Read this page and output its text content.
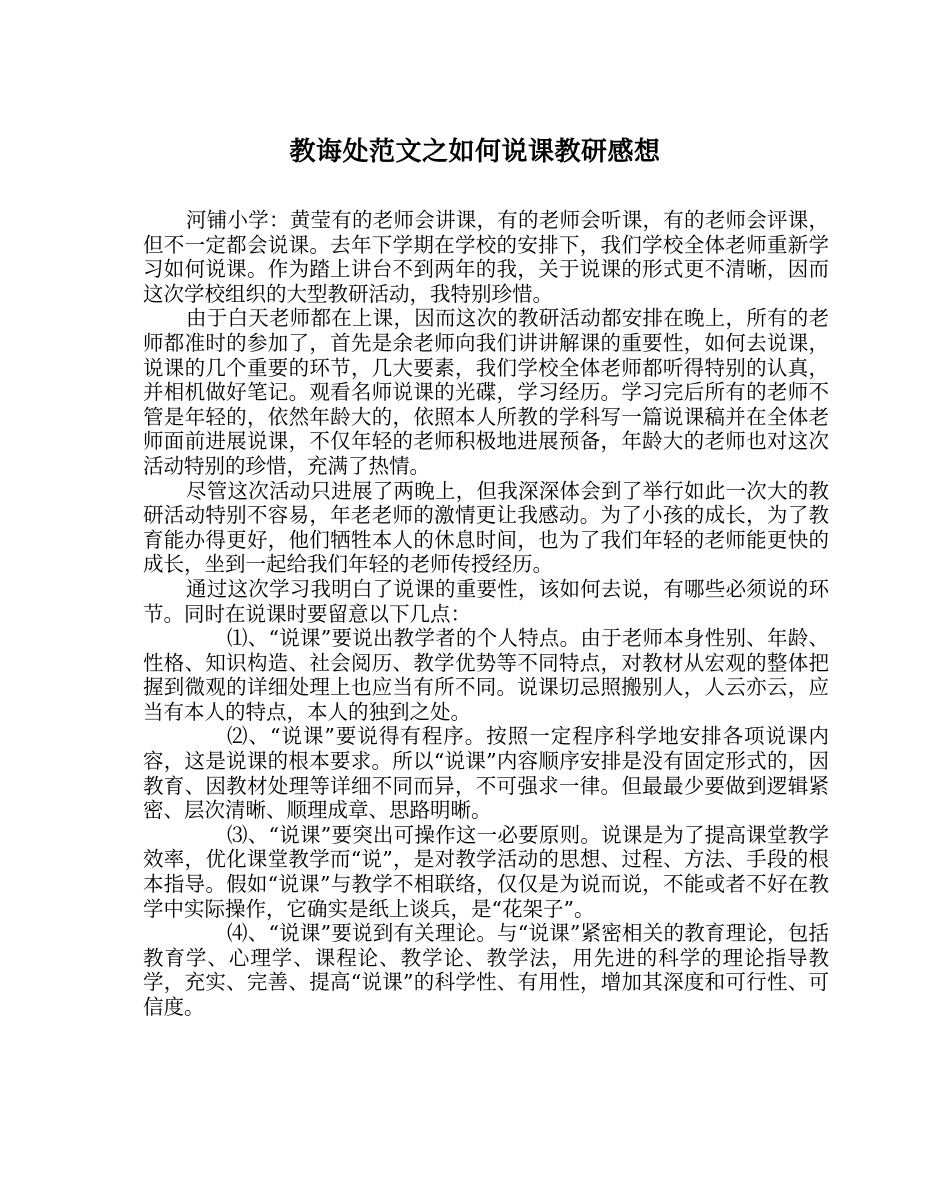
教诲处范文之如何说课教研感想

河铺小学：黄莹有的老师会讲课，有的老师会听课，有的老师会评课，但不一定都会说课。去年下学期在学校的安排下，我们学校全体老师重新学习如何说课。作为踏上讲台不到两年的我，关于说课的形式更不清晰，因而这次学校组织的大型教研活动，我特别珍惜。

由于白天老师都在上课，因而这次的教研活动都安排在晚上，所有的老师都准时的参加了，首先是余老师向我们讲讲解课的重要性，如何去说课，说课的几个重要的环节，几大要素，我们学校全体老师都听得特别的认真，并相机做好笔记。观看名师说课的光碟，学习经历。学习完后所有的老师不管是年轻的，依然年龄大的，依照本人所教的学科写一篇说课稿并在全体老师面前进展说课，不仅年轻的老师积极地进展预备，年龄大的老师也对这次活动特别的珍惜，充满了热情。

尽管这次活动只进展了两晚上，但我深深体会到了举行如此一次大的教研活动特别不容易，年老老师的激情更让我感动。为了小孩的成长，为了教育能办得更好，他们牺牲本人的休息时间，也为了我们年轻的老师能更快的成长，坐到一起给我们年轻的老师传授经历。

通过这次学习我明白了说课的重要性，该如何去说，有哪些必须说的环节。同时在说课时要留意以下几点：

⑴、“说课”要说出教学者的个人特点。由于老师本身性别、年龄、性格、知识构造、社会阅历、教学优势等不同特点，对教材从宏观的整体把握到微观的详细处理上也应当有所不同。说课切忌照搬别人，人云亦云，应当有本人的特点，本人的独到之处。

⑵、“说课”要说得有程序。按照一定程序科学地安排各项说课内容，这是说课的根本要求。所以“说课”内容顺序安排是没有固定形式的，因教育、因教材处理等详细不同而异，不可强求一律。但最最少要做到逻辑紧密、层次清晰、顺理成章、思路明晰。

⑶、“说课”要突出可操作这一必要原则。说课是为了提高课堂教学效率，优化课堂教学而“说”，是对教学活动的思想、过程、方法、手段的根本指导。假如“说课”与教学不相联络，仅仅是为说而说，不能或者不好在教学中实际操作，它确实是纸上谈兵，是“花架子”。

⑷、“说课”要说到有关理论。与“说课”紧密相关的教育理论，包括教育学、心理学、课程论、教学论、教学法，用先进的科学的理论指导教学，充实、完善、提高“说课”的科学性、有用性，增加其深度和可行性、可信度。
